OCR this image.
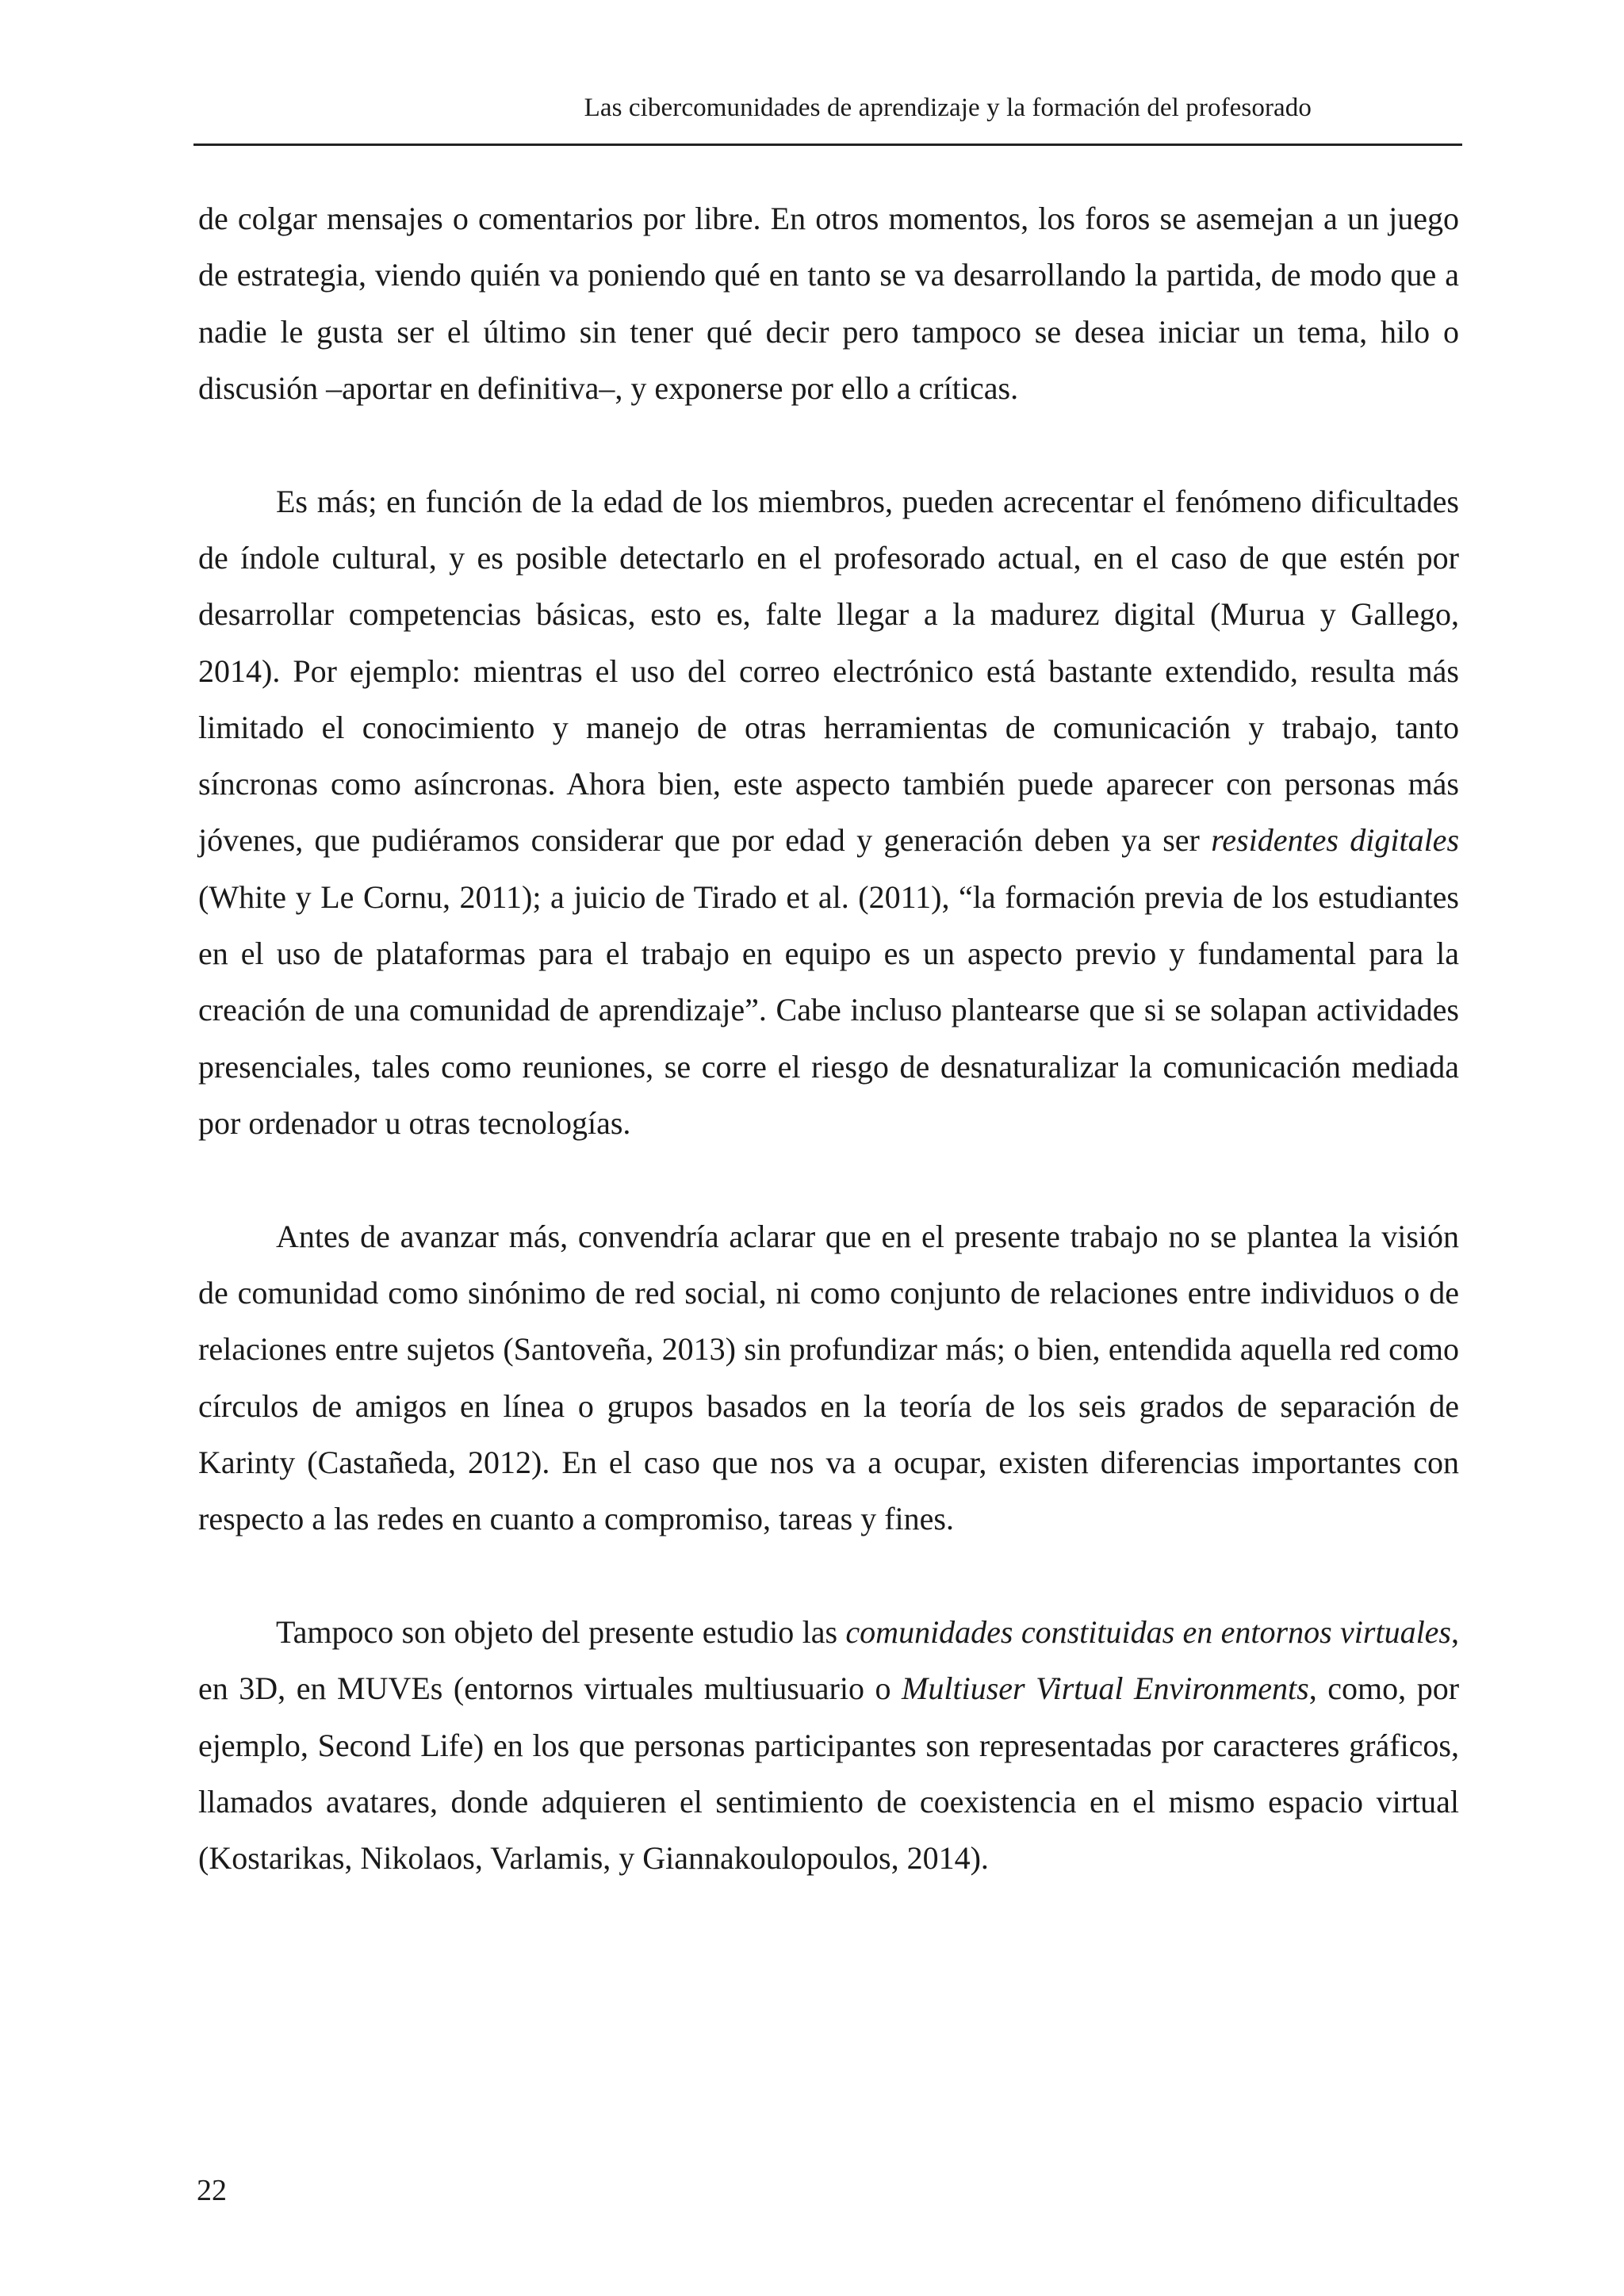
Las cibercomunidades de aprendizaje y la formación del profesorado

de colgar mensajes o comentarios por libre. En otros momentos, los foros se asemejan a un juego de estrategia, viendo quién va poniendo qué en tanto se va desarrollando la partida, de modo que a nadie le gusta ser el último sin tener qué decir pero tampoco se desea iniciar un tema, hilo o discusión –aportar en definitiva–, y exponerse por ello a críticas.

Es más; en función de la edad de los miembros, pueden acrecentar el fenómeno dificultades de índole cultural, y es posible detectarlo en el profesorado actual, en el caso de que estén por desarrollar competencias básicas, esto es, falte llegar a la madurez digital (Murua y Gallego, 2014). Por ejemplo: mientras el uso del correo electrónico está bastante extendido, resulta más limitado el conocimiento y manejo de otras herramientas de comunicación y trabajo, tanto síncronas como asíncronas. Ahora bien, este aspecto también puede aparecer con personas más jóvenes, que pudiéramos considerar que por edad y generación deben ya ser residentes digitales (White y Le Cornu, 2011); a juicio de Tirado et al. (2011), “la formación previa de los estudiantes en el uso de plataformas para el trabajo en equipo es un aspecto previo y fundamental para la creación de una comunidad de aprendizaje”. Cabe incluso plantearse que si se solapan actividades presenciales, tales como reuniones, se corre el riesgo de desnaturalizar la comunicación mediada por ordenador u otras tecnologías.

Antes de avanzar más, convendría aclarar que en el presente trabajo no se plantea la visión de comunidad como sinónimo de red social, ni como conjunto de relaciones entre individuos o de relaciones entre sujetos (Santoveña, 2013) sin profundizar más; o bien, entendida aquella red como círculos de amigos en línea o grupos basados en la teoría de los seis grados de separación de Karinty (Castañeda, 2012). En el caso que nos va a ocupar, existen diferencias importantes con respecto a las redes en cuanto a compromiso, tareas y fines.

Tampoco son objeto del presente estudio las comunidades constituidas en entornos virtuales, en 3D, en MUVEs (entornos virtuales multiusuario o Multiuser Virtual Environments, como, por ejemplo, Second Life) en los que personas participantes son representadas por caracteres gráficos, llamados avatares, donde adquieren el sentimiento de coexistencia en el mismo espacio virtual (Kostarikas, Nikolaos, Varlamis, y Giannakoulopoulos, 2014).

22
